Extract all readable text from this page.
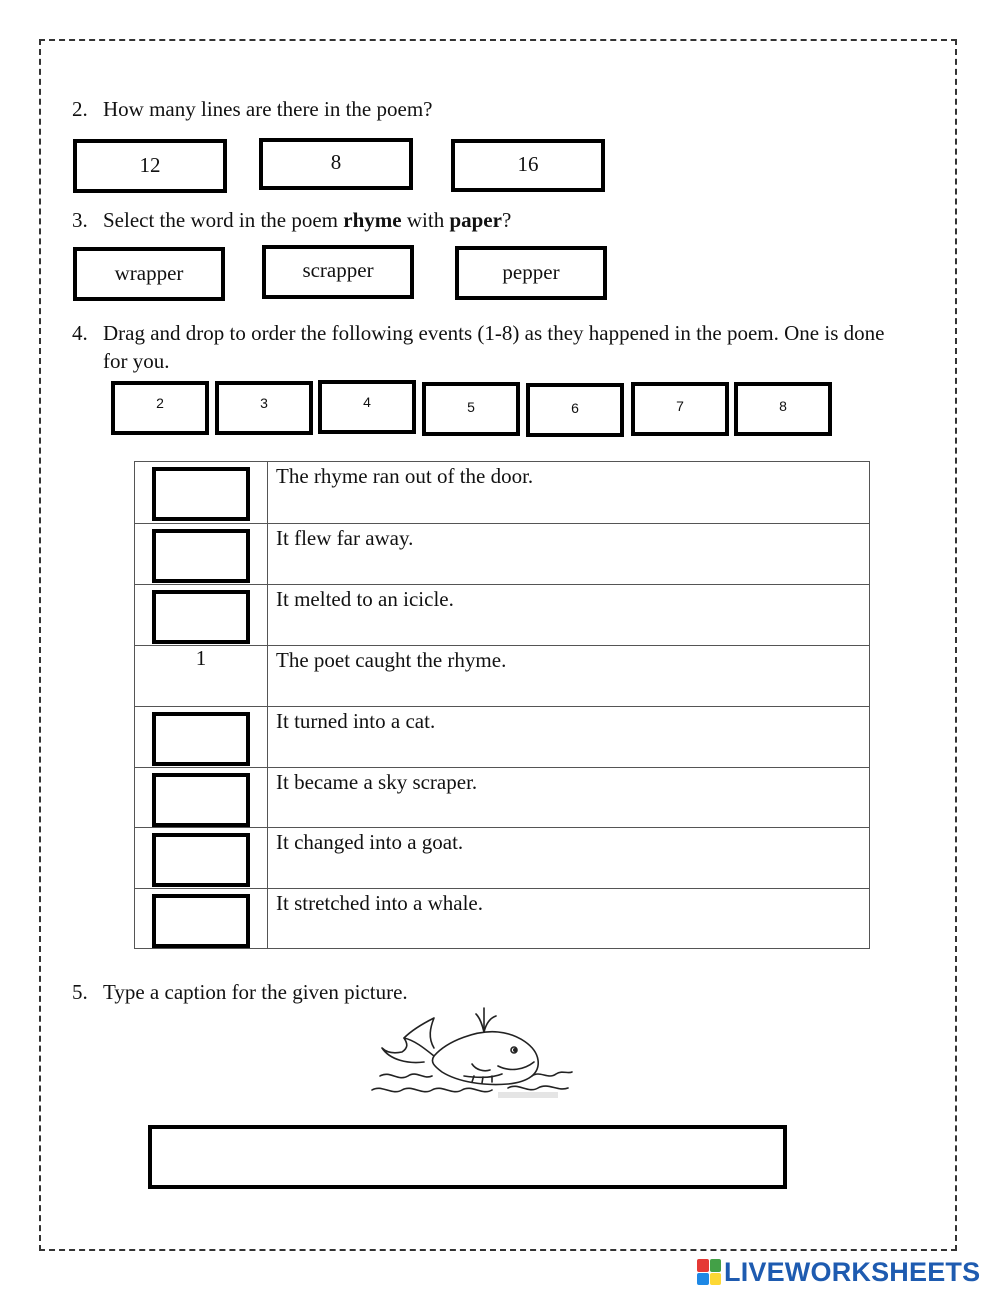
2. How many lines are there in the poem?
12	8	16
3. Select the word in the poem rhyme with paper?
wrapper	scrapper	pepper
4. Drag and drop to order the following events (1-8) as they happened in the poem. One is done for you.
2	3	4	5	6	7	8
	The rhyme ran out of the door.

	It flew far away.

	It melted to an icicle.
1	The poet caught the rhyme.

	It turned into a cat.

	It became a sky scraper.

	It changed into a goat.

	It stretched into a whale.
5. Type a caption for the given picture.
LIVEWORKSHEETS
